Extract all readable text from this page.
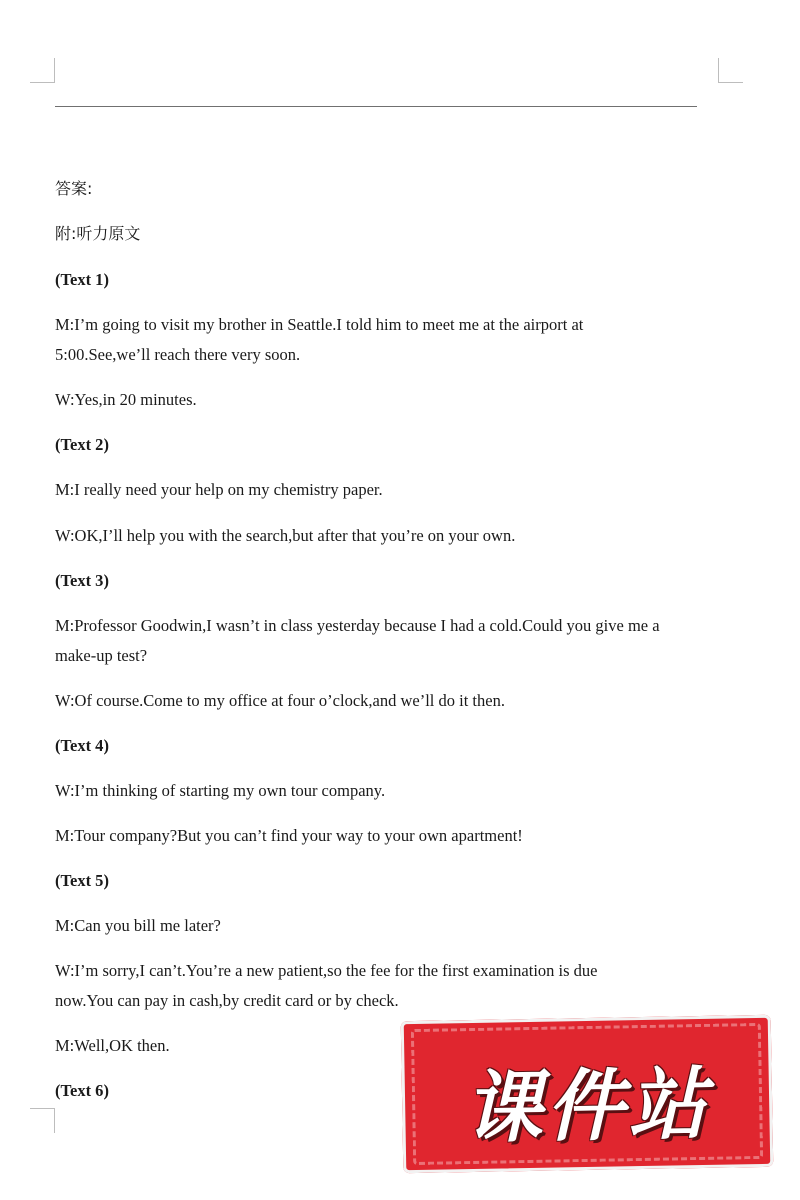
答案:
附:听力原文
(Text 1)
M:I’m going to visit my brother in Seattle.I told him to meet me at the airport at
5:00.See,we’ll reach there very soon.
W:Yes,in 20 minutes.
(Text 2)
M:I really need your help on my chemistry paper.
W:OK,I’ll help you with the search,but after that you’re on your own.
(Text 3)
M:Professor Goodwin,I wasn’t in class yesterday because I had a cold.Could you give me a
make-up test?
W:Of course.Come to my office at four o’clock,and we’ll do it then.
(Text 4)
W:I’m thinking of starting my own tour company.
M:Tour company?But you can’t find your way to your own apartment!
(Text 5)
M:Can you bill me later?
W:I’m sorry,I can’t.You’re a new patient,so the fee for the first examination is due
now.You can pay in cash,by credit card or by check.
M:Well,OK then.
(Text 6)	课件站
